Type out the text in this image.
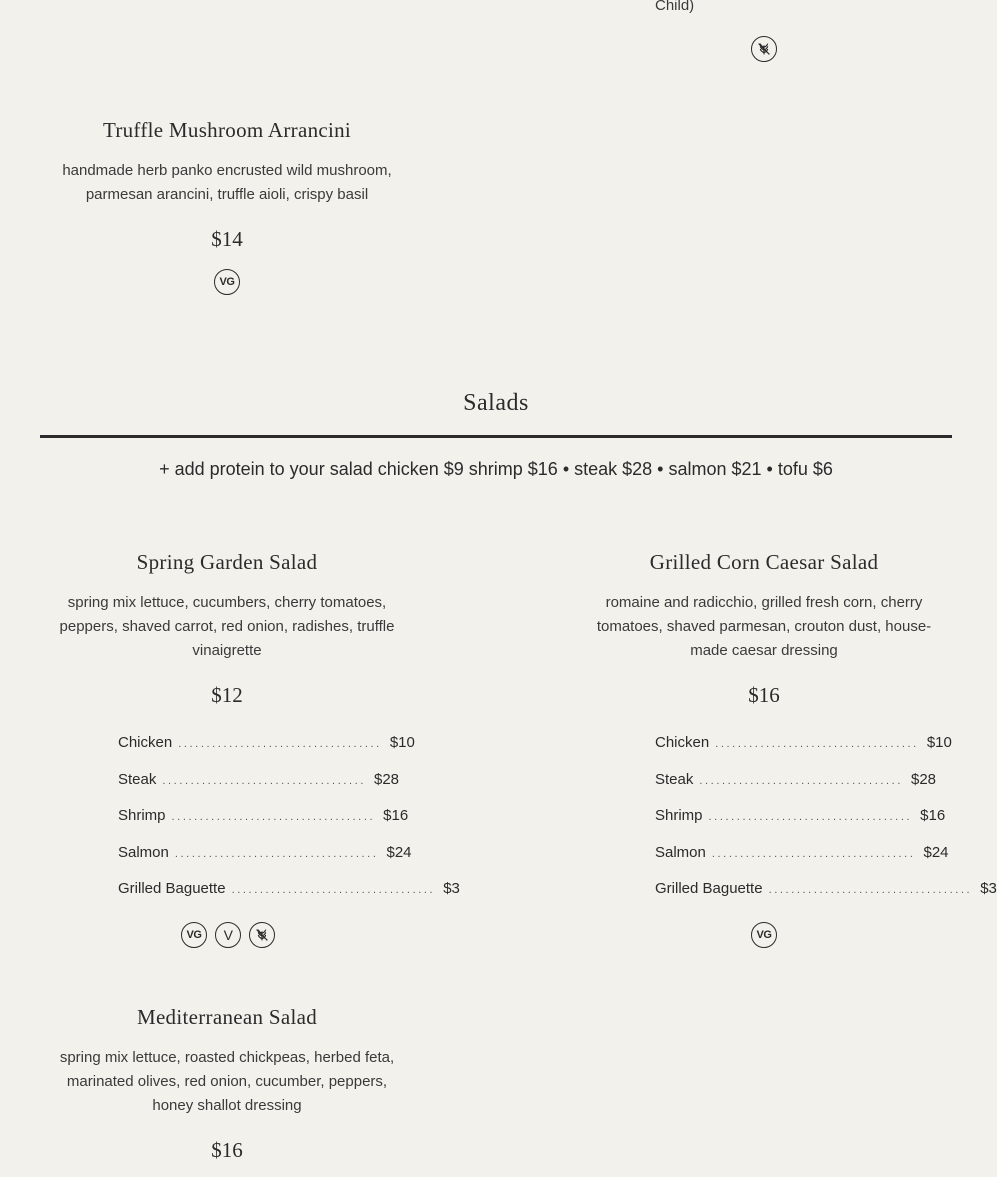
Child)
Truffle Mushroom Arrancini
handmade herb panko encrusted wild mushroom,
parmesan arancini, truffle aioli, crispy basil
$14
VG
Salads
+ add protein to your salad chicken $9 shrimp $16 • steak $28 • salmon $21 • tofu $6
Spring Garden Salad
spring mix lettuce, cucumbers, cherry tomatoes,
peppers, shaved carrot, red onion, radishes, truffle
vinaigrette
$12
Chicken .................................... $10
Steak .................................... $28
Shrimp .................................... $16
Salmon .................................... $24
Grilled Baguette .................................... $3
VG	V
Grilled Corn Caesar Salad
romaine and radicchio, grilled fresh corn, cherry
tomatoes, shaved parmesan, crouton dust, house-
made caesar dressing
$16
Chicken .................................... $10
Steak .................................... $28
Shrimp .................................... $16
Salmon .................................... $24
Grilled Baguette .................................... $3
VG
Mediterranean Salad
spring mix lettuce, roasted chickpeas, herbed feta,
marinated olives, red onion, cucumber, peppers,
honey shallot dressing
$16
